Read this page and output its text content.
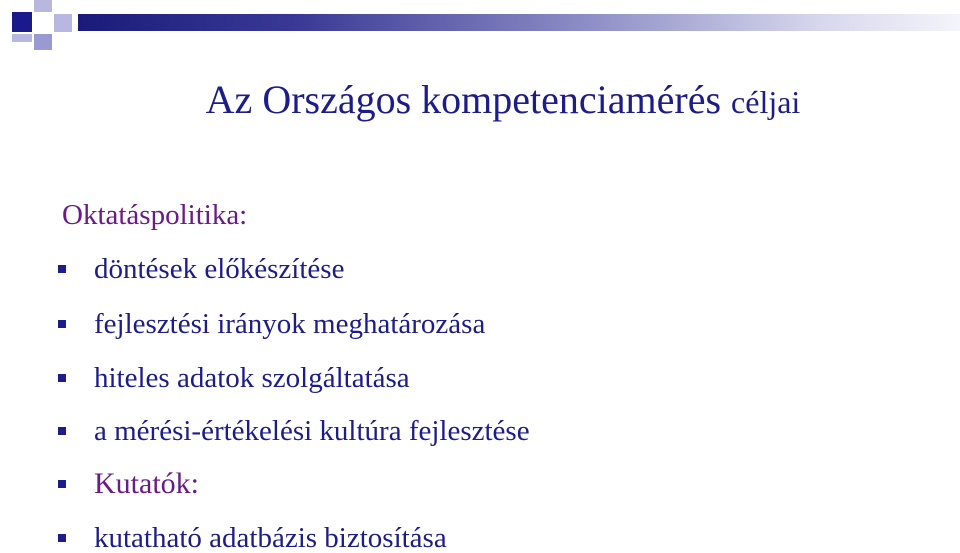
Az Országos kompetenciamérés céljai
Oktatáspolitika:
döntések előkészítése
fejlesztési irányok meghatározása
hiteles adatok szolgáltatása
a mérési-értékelési kultúra fejlesztése
Kutatók:
kutatható adatbázis biztosítása
